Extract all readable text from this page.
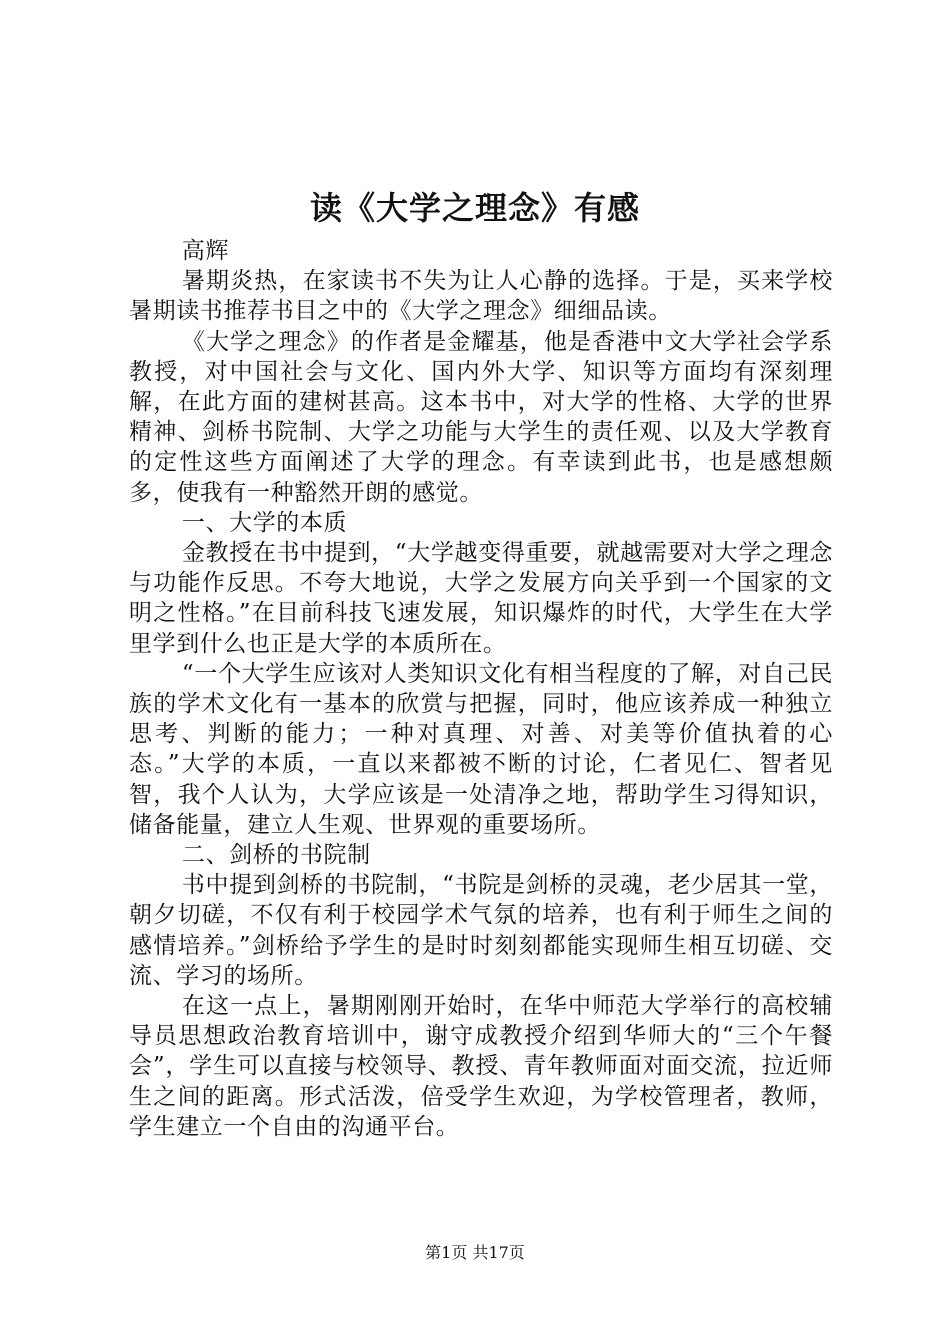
读《大学之理念》有感

高辉

暑期炎热，在家读书不失为让人心静的选择。于是，买来学校暑期读书推荐书目之中的《大学之理念》细细品读。

《大学之理念》的作者是金耀基，他是香港中文大学社会学系教授，对中国社会与文化、国内外大学、知识等方面均有深刻理解，在此方面的建树甚高。这本书中，对大学的性格、大学的世界精神、剑桥书院制、大学之功能与大学生的责任观、以及大学教育的定性这些方面阐述了大学的理念。有幸读到此书，也是感想颇多，使我有一种豁然开朗的感觉。

一、大学的本质

金教授在书中提到，“大学越变得重要，就越需要对大学之理念与功能作反思。不夸大地说，大学之发展方向关乎到一个国家的文明之性格。”在目前科技飞速发展，知识爆炸的时代，大学生在大学里学到什么也正是大学的本质所在。

“一个大学生应该对人类知识文化有相当程度的了解，对自己民族的学术文化有一基本的欣赏与把握，同时，他应该养成一种独立思考、判断的能力；一种对真理、对善、对美等价值执着的心态。”大学的本质，一直以来都被不断的讨论，仁者见仁、智者见智，我个人认为，大学应该是一处清净之地，帮助学生习得知识，储备能量，建立人生观、世界观的重要场所。

二、剑桥的书院制

书中提到剑桥的书院制，“书院是剑桥的灵魂，老少居其一堂，朝夕切磋，不仅有利于校园学术气氛的培养，也有利于师生之间的感情培养。”剑桥给予学生的是时时刻刻都能实现师生相互切磋、交流、学习的场所。

在这一点上，暑期刚刚开始时，在华中师范大学举行的高校辅导员思想政治教育培训中，谢守成教授介绍到华师大的“三个午餐会”，学生可以直接与校领导、教授、青年教师面对面交流，拉近师生之间的距离。形式活泼，倍受学生欢迎，为学校管理者，教师，学生建立一个自由的沟通平台。

第1页 共17页
